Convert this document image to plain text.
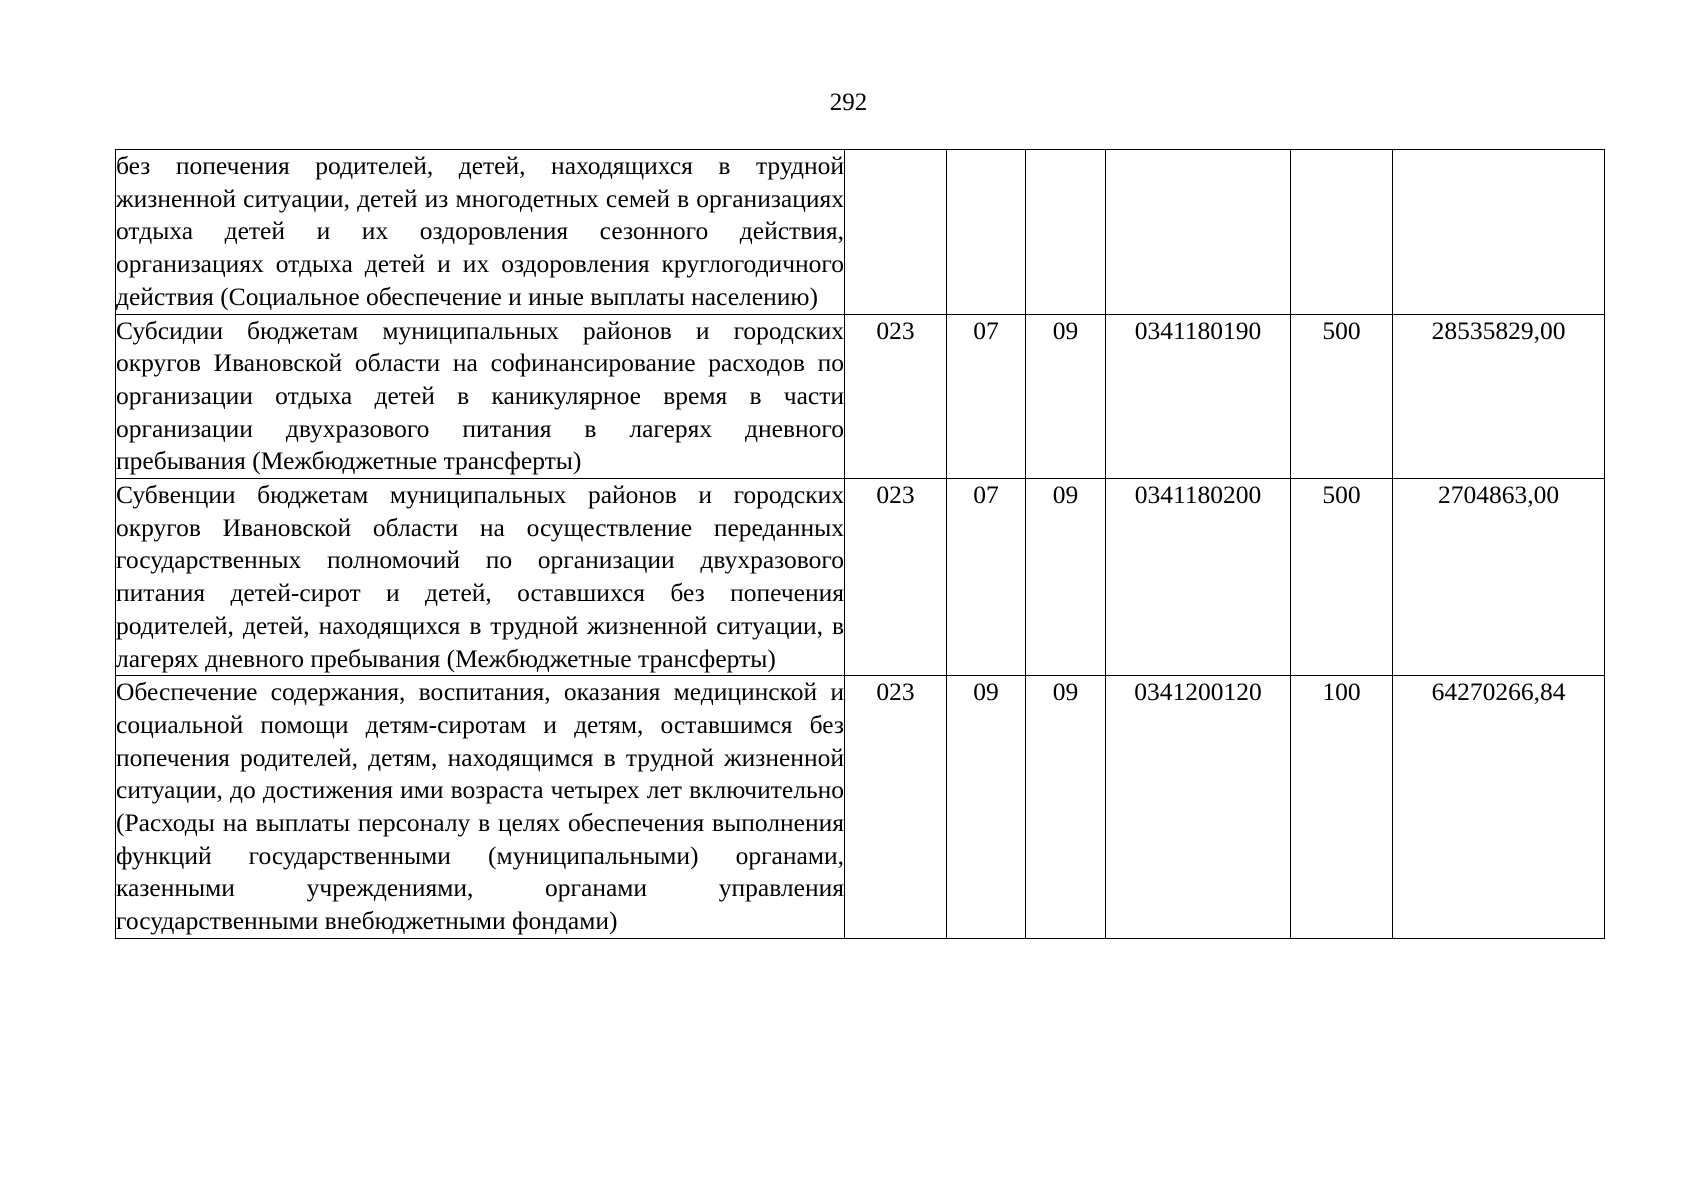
292
без попечения родителей, детей, находящихся в трудной жизненной ситуации, детей из многодетных семей в организациях отдыха детей и их оздоровления сезонного действия, организациях отдыха детей и их оздоровления круглогодичного действия (Социальное обеспечение и иные выплаты населению)						

Субсидии бюджетам муниципальных районов и городских округов Ивановской области на софинансирование расходов по организации отдыха детей в каникулярное время в части организации двухразового питания в лагерях дневного пребывания (Межбюджетные трансферты)	023	07	09	0341180190	500	28535829,00

Субвенции бюджетам муниципальных районов и городских округов Ивановской области на осуществление переданных государственных полномочий по организации двухразового питания детей-сирот и детей, оставшихся без попечения родителей, детей, находящихся в трудной жизненной ситуации, в лагерях дневного пребывания (Межбюджетные трансферты)	023	07	09	0341180200	500	2704863,00

Обеспечение содержания, воспитания, оказания медицинской и социальной помощи детям-сиротам и детям, оставшимся без попечения родителей, детям, находящимся в трудной жизненной ситуации, до достижения ими возраста четырех лет включительно (Расходы на выплаты персоналу в целях обеспечения выполнения функций государственными (муниципальными) органами, казенными учреждениями, органами управления государственными внебюджетными фондами)	023	09	09	0341200120	100	64270266,84
